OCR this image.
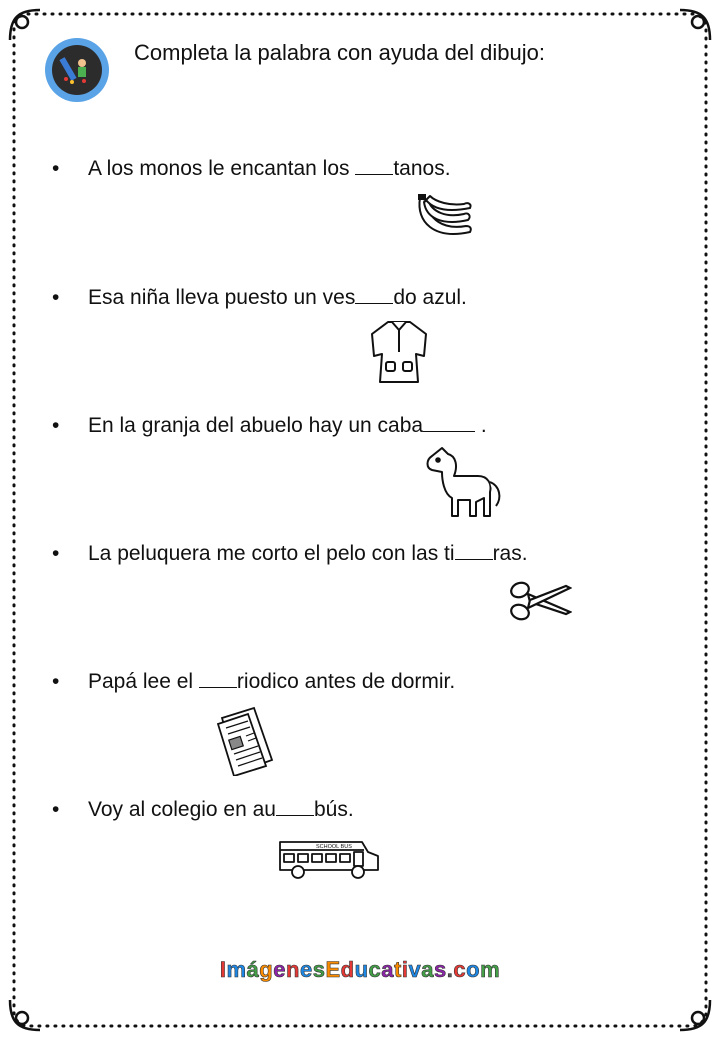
Completa la palabra con ayuda del dibujo:
• A los monos le encantan los tanos.
• Esa niña lleva puesto un ves do azul.
• En la granja del abuelo hay un caba .
• La peluquera me corto el pelo con las ti ras.
• Papá lee el riodico antes de dormir.
• Voy al colegio en au bús.
SCHOOL BUS
ImágenesEducativas.com
